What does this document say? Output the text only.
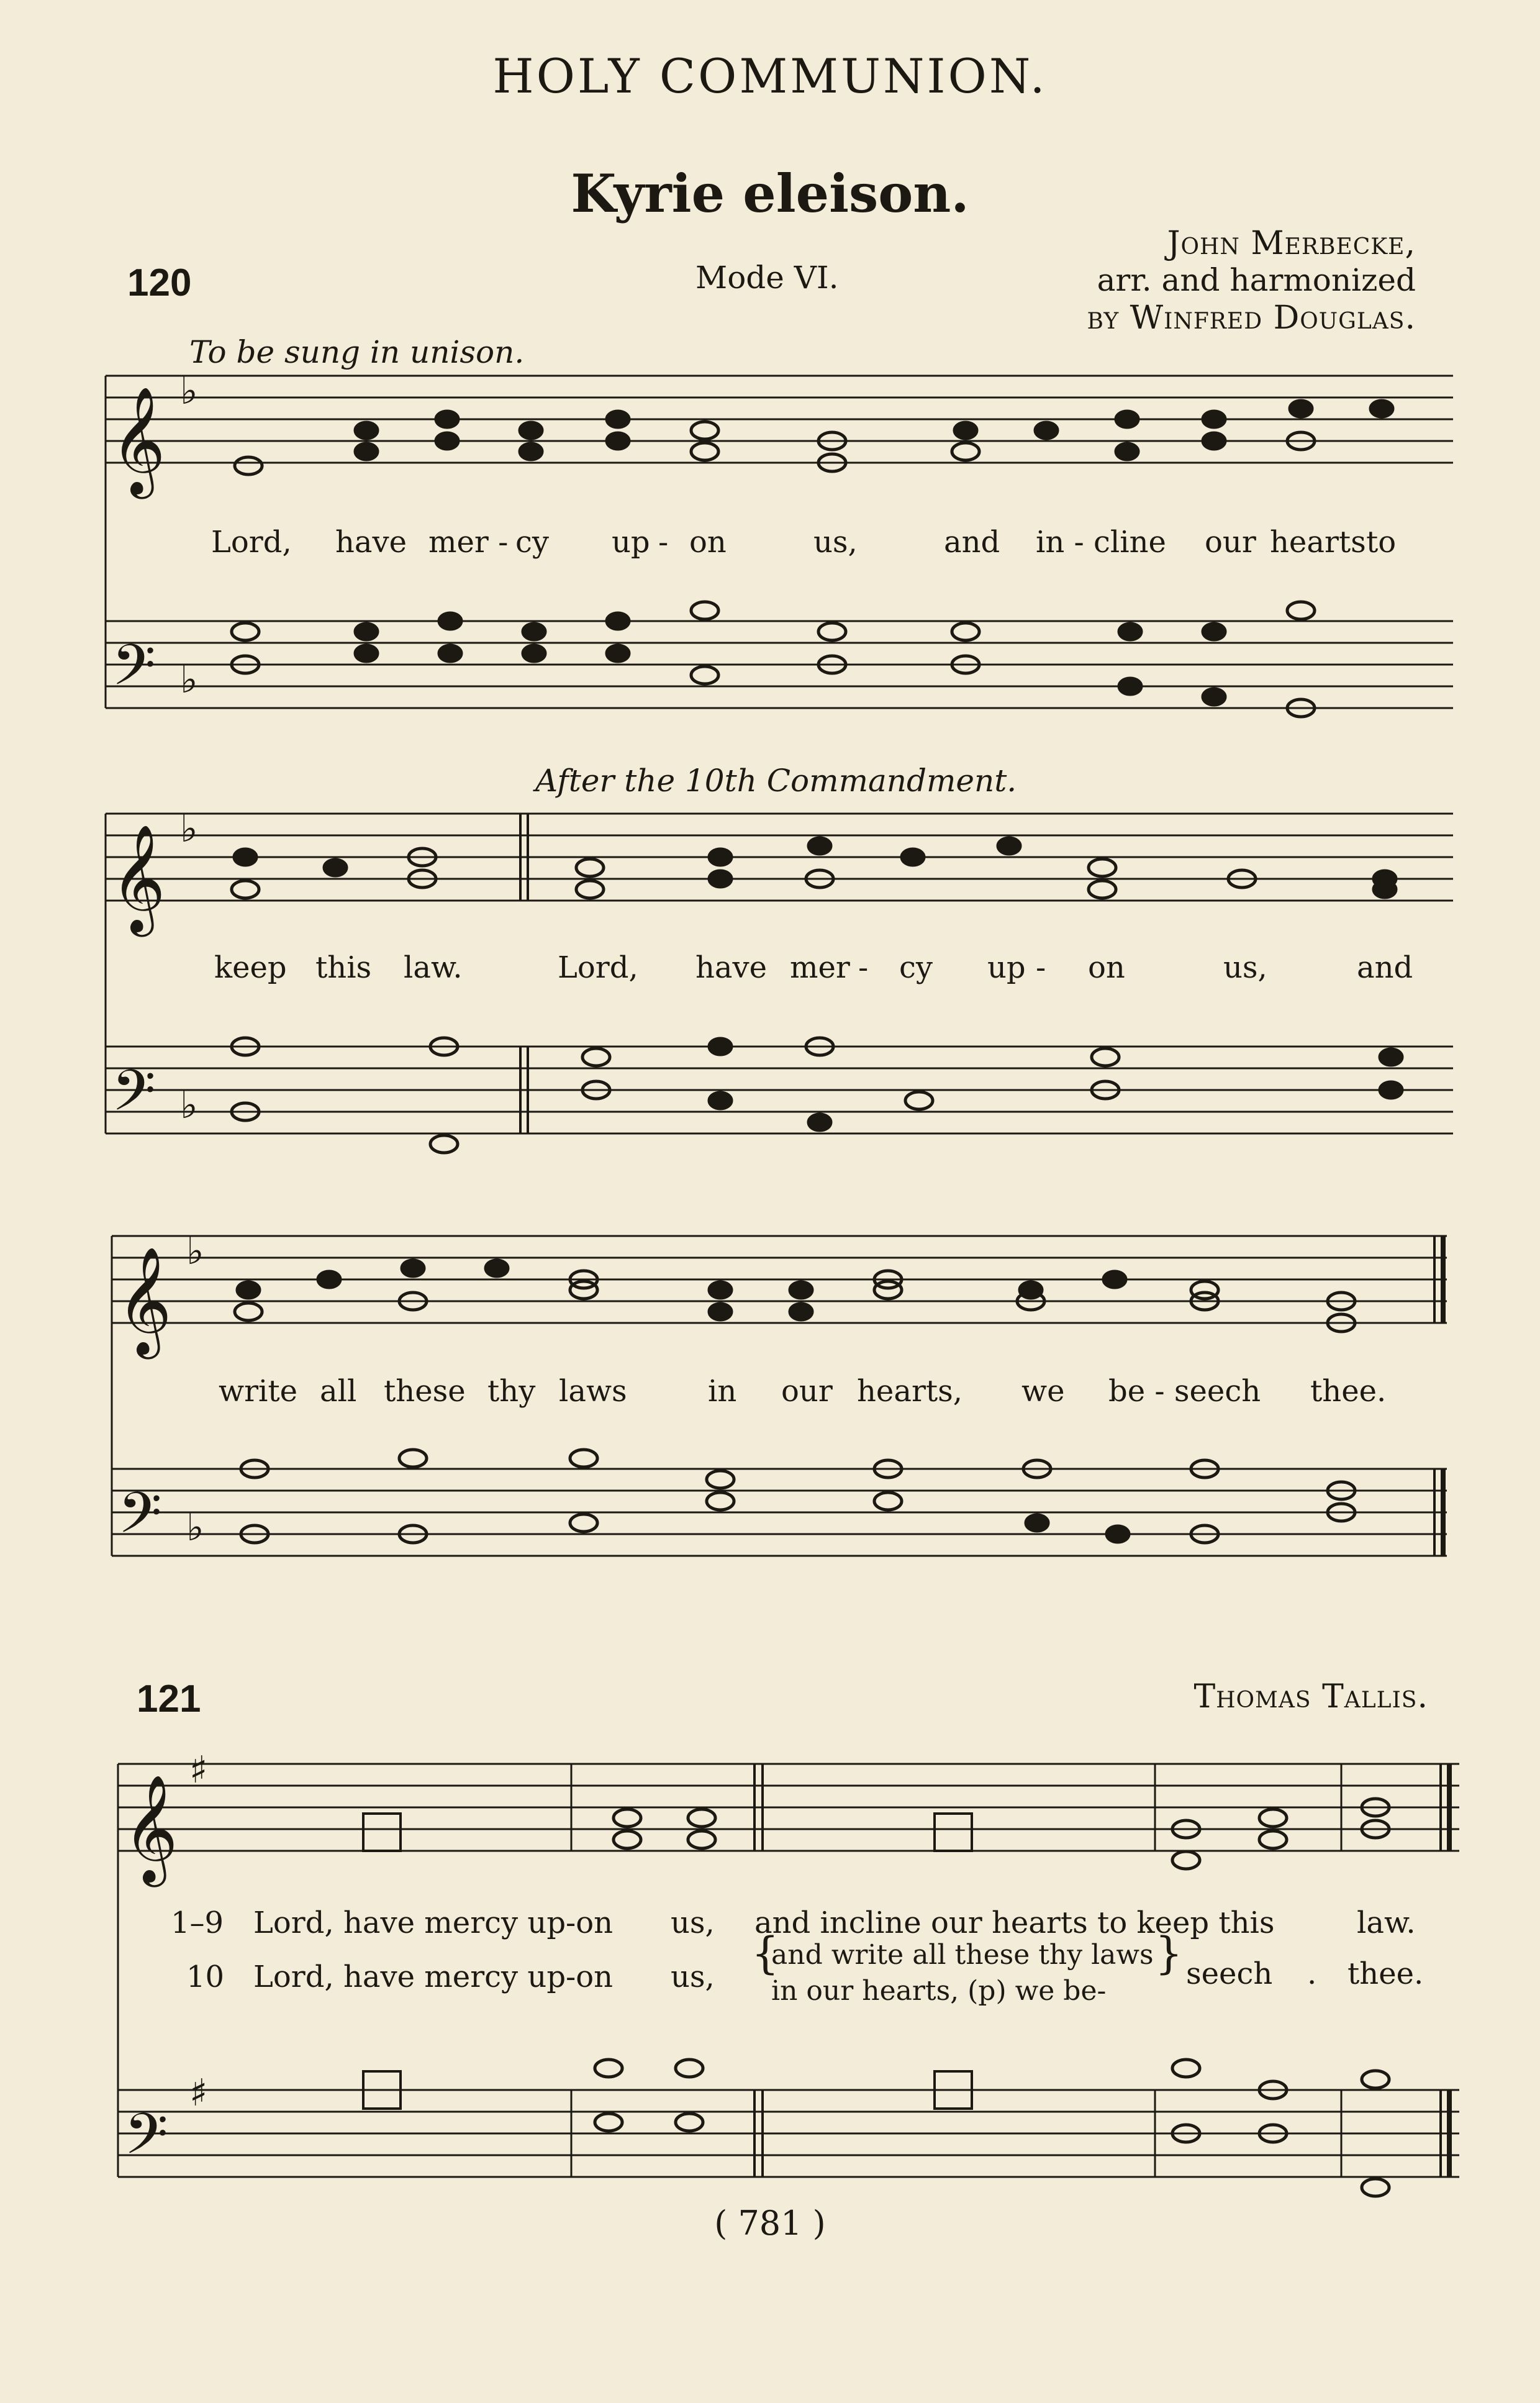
HOLY COMMUNION.
Kyrie eleison.
120	Mode VI.
John Merbecke,
arr. and harmonized
by Winfred Douglas.
To be sung in unison.
After the 10th Commandment.
𝄞
𝄢
𝄞
𝄢
𝄞
𝄢
𝄞
𝄢
♭
♭
♭
♭
♭
♭
♯
♯
Lord, have mer - cy up - on	us,	and in - cline our hearts to
keep this law.	Lord, have mer - cy up - on	us,	and
write all these thy laws	in our hearts, we be - seech thee.
121	Thomas Tallis.
1–9 Lord, have mercy up-on us, and incline our hearts to keep this	law.
10 Lord, have mercy up-on us, {
and write all these thy laws
in our hearts, (p) we be-
} seech . thee.
( 781 )
